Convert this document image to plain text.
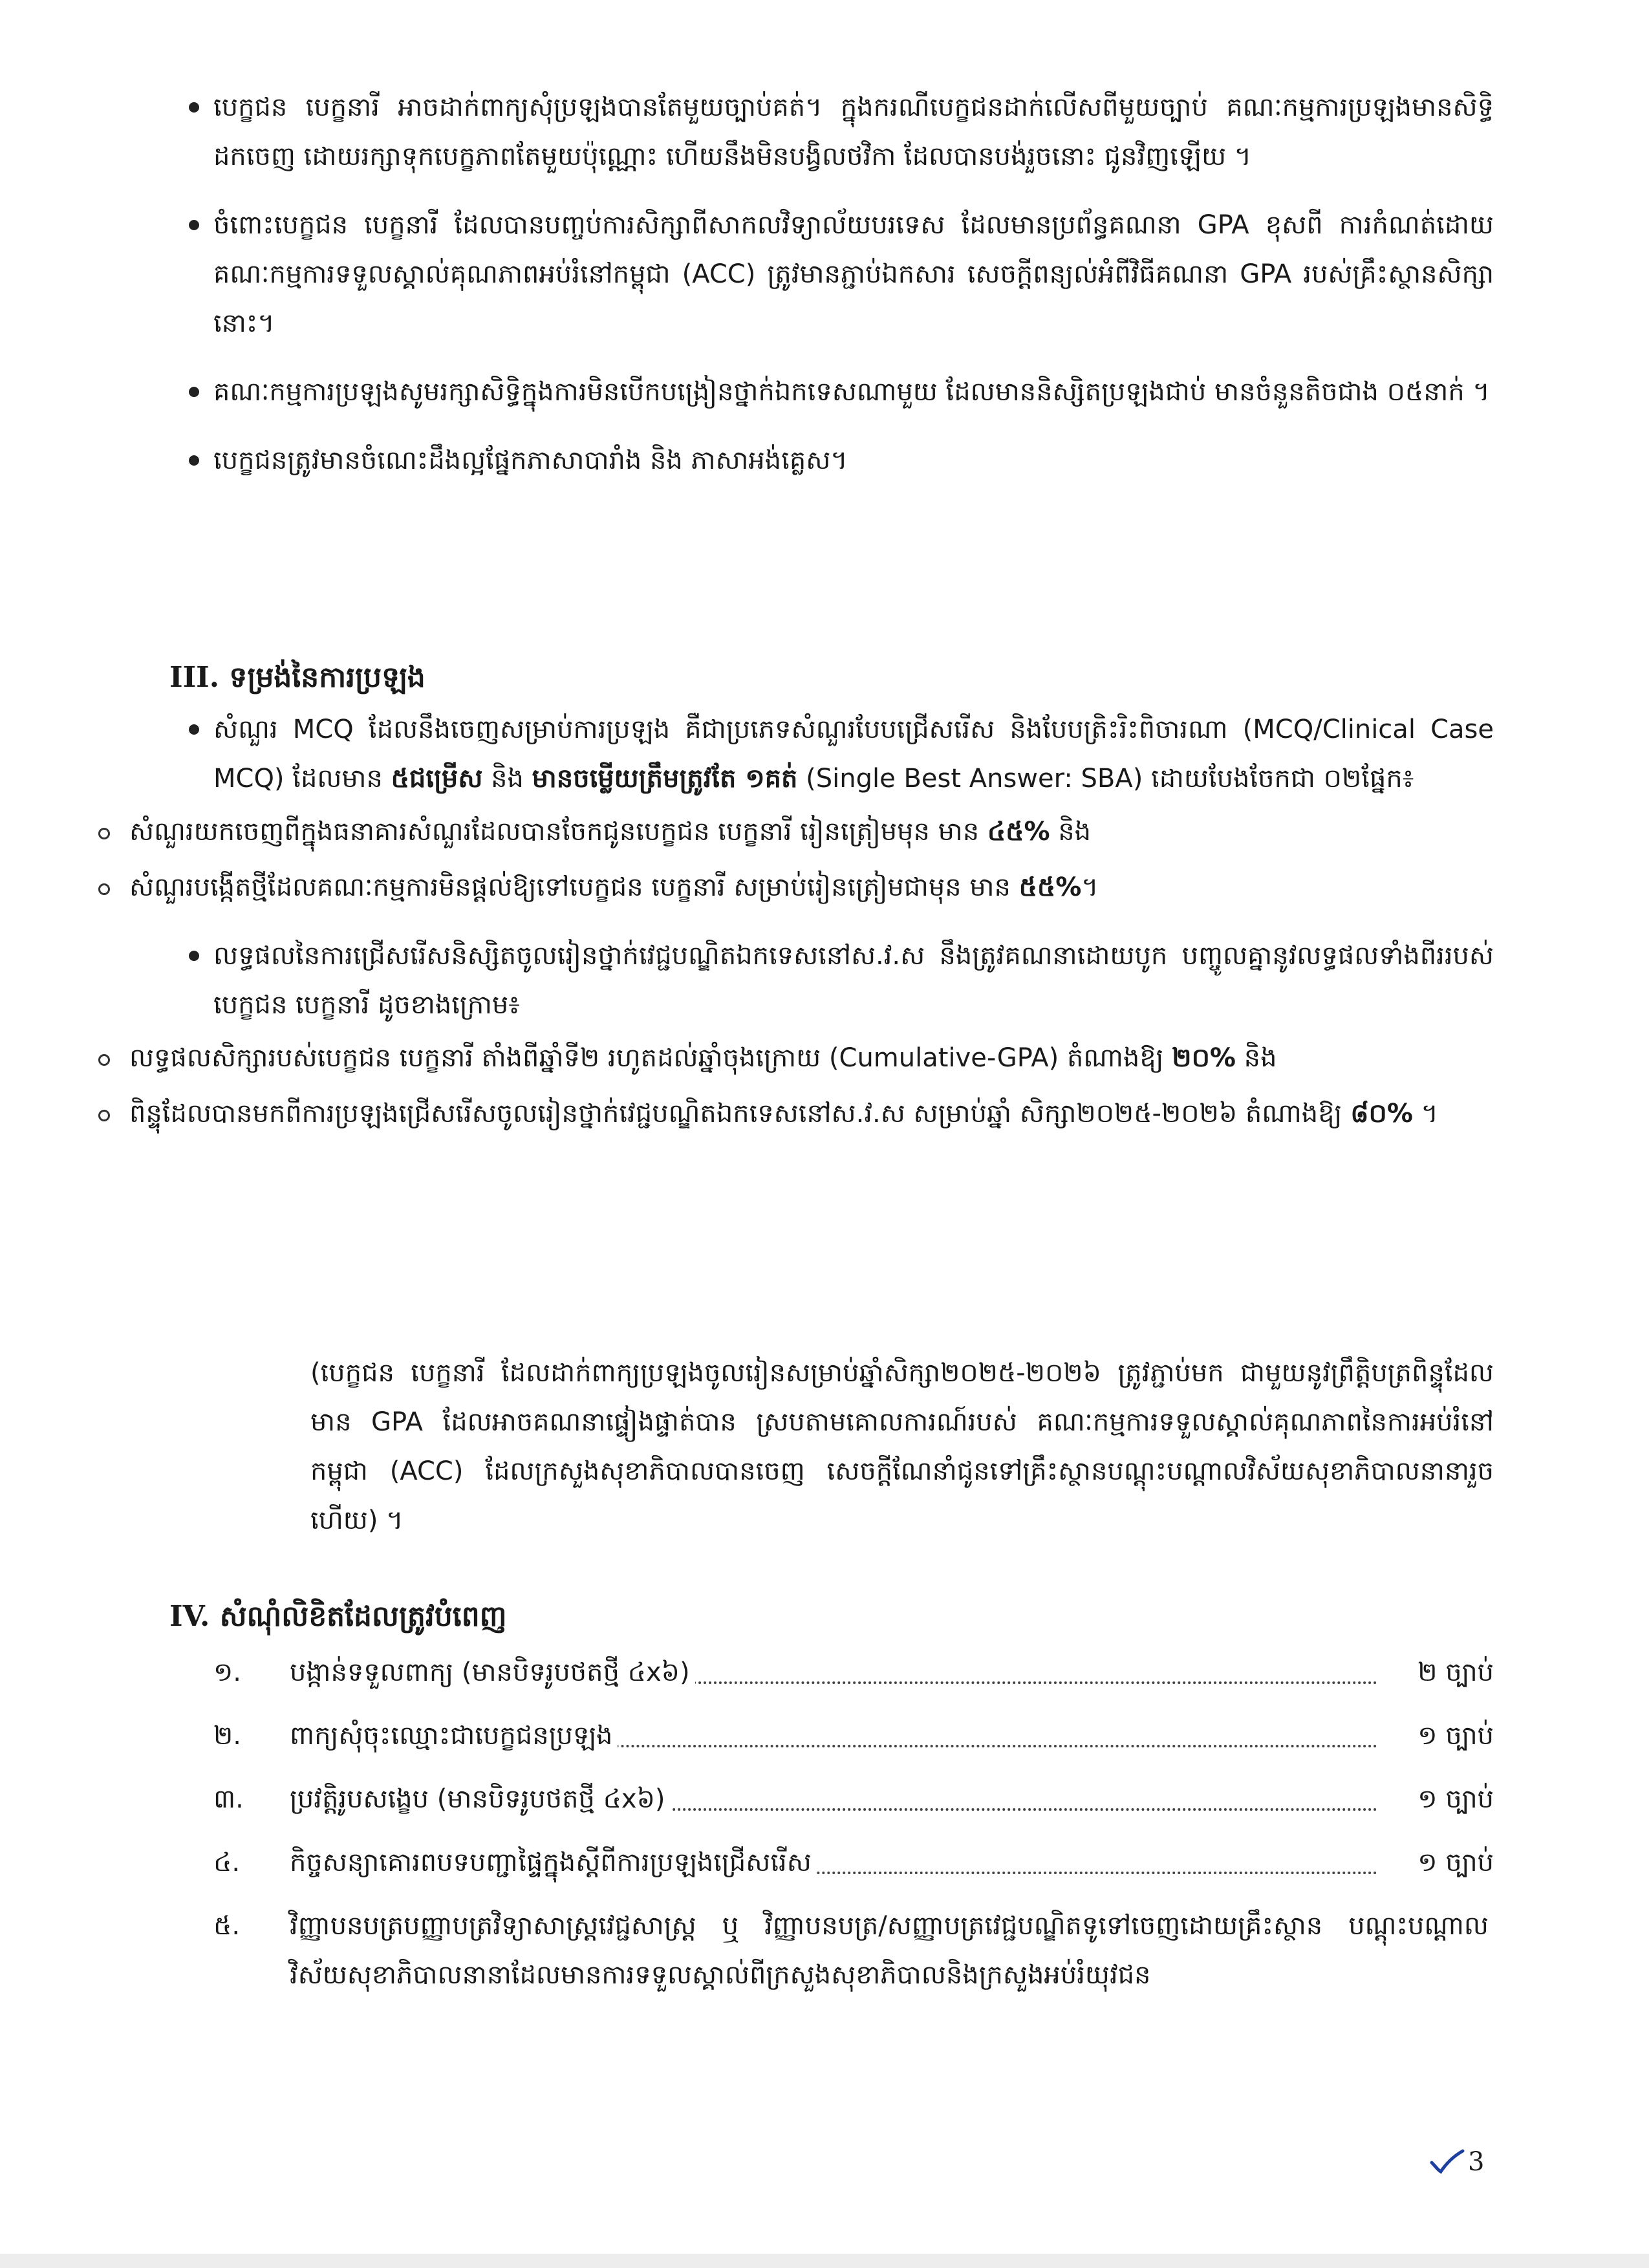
បេក្ខជន បេក្ខនារី អាចដាក់ពាក្យសុំប្រឡងបានតែមួយច្បាប់គត់។ ក្នុងករណីបេក្ខជនដាក់លើសពីមួយច្បាប់ គណៈកម្មការប្រឡងមានសិទ្ធិដកចេញ ដោយរក្សាទុកបេក្ខភាពតែមួយប៉ុណ្ណោះ ហើយនឹងមិនបង្វិលថវិកា ដែលបានបង់រួចនោះ ជូនវិញឡើយ ។
ចំពោះបេក្ខជន បេក្ខនារី ដែលបានបញ្ចប់ការសិក្សាពីសាកលវិទ្យាល័យបរទេស ដែលមានប្រព័ន្ធគណនា GPA ខុសពី ការកំណត់ដោយគណៈកម្មការទទួលស្គាល់គុណភាពអប់រំនៅកម្ពុជា (ACC) ត្រូវមានភ្ជាប់ឯកសារ សេចក្តីពន្យល់អំពីវិធីគណនា GPA របស់គ្រឹះស្ថានសិក្សានោះ។
គណៈកម្មការប្រឡងសូមរក្សាសិទ្ធិក្នុងការមិនបើកបង្រៀនថ្នាក់ឯកទេសណាមួយ ដែលមាននិស្សិតប្រឡងជាប់ មានចំនួនតិចជាង ០៥នាក់ ។
បេក្ខជនត្រូវមានចំណេះដឹងល្អផ្នែកភាសាបារាំង និង ភាសាអង់គ្លេស។
III. ទម្រង់នៃការប្រឡង
សំណួរ MCQ ដែលនឹងចេញសម្រាប់ការប្រឡង គឺជាប្រភេទសំណួរបែបជ្រើសរើស និងបែបត្រិះរិះពិចារណា (MCQ/Clinical Case MCQ) ដែលមាន ៥ជម្រើស និង មានចម្លើយត្រឹមត្រូវតែ ១គត់ (Single Best Answer: SBA) ដោយបែងចែកជា ០២ផ្នែក៖
សំណួរយកចេញពីក្នុងធនាគារសំណួរដែលបានចែកជូនបេក្ខជន បេក្ខនារី រៀនត្រៀមមុន មាន ៤៥% និង
សំណួរបង្កើតថ្មីដែលគណៈកម្មការមិនផ្តល់ឱ្យទៅបេក្ខជន បេក្ខនារី សម្រាប់រៀនត្រៀមជាមុន មាន ៥៥%។
លទ្ធផលនៃការជ្រើសរើសនិស្សិតចូលរៀនថ្នាក់វេជ្ជបណ្ឌិតឯកទេសនៅស.វ.ស នឹងត្រូវគណនាដោយបូក បញ្ចូលគ្នានូវលទ្ធផលទាំងពីររបស់បេក្ខជន បេក្ខនារី ដូចខាងក្រោម៖
លទ្ធផលសិក្សារបស់បេក្ខជន បេក្ខនារី តាំងពីឆ្នាំទី២ រហូតដល់ឆ្នាំចុងក្រោយ (Cumulative-GPA) តំណាងឱ្យ ២០% និង
ពិន្ទុដែលបានមកពីការប្រឡងជ្រើសរើសចូលរៀនថ្នាក់វេជ្ជបណ្ឌិតឯកទេសនៅស.វ.ស សម្រាប់ឆ្នាំ សិក្សា២០២៥-២០២៦ តំណាងឱ្យ ៨០% ។
(បេក្ខជន បេក្ខនារី ដែលដាក់ពាក្យប្រឡងចូលរៀនសម្រាប់ឆ្នាំសិក្សា២០២៥-២០២៦ ត្រូវភ្ជាប់មក ជាមួយនូវព្រឹត្តិបត្រពិន្ទុដែលមាន GPA ដែលអាចគណនាផ្ទៀងផ្ទាត់បាន ស្របតាមគោលការណ៍របស់ គណៈកម្មការទទួលស្គាល់គុណភាពនៃការអប់រំនៅកម្ពុជា (ACC) ដែលក្រសួងសុខាភិបាលបានចេញ សេចក្តីណែនាំជូនទៅគ្រឹះស្ថានបណ្តុះបណ្តាលវិស័យសុខាភិបាលនានារួចហើយ) ។
IV. សំណុំលិខិតដែលត្រូវបំពេញ
១. បង្កាន់ទទួលពាក្យ (មានបិទរូបថតថ្មី ៤x៦)	២ ច្បាប់
២. ពាក្យសុំចុះឈ្មោះជាបេក្ខជនប្រឡង	១ ច្បាប់
៣. ប្រវត្តិរូបសង្ខេប (មានបិទរូបថតថ្មី ៤x៦)	១ ច្បាប់
៤. កិច្ចសន្យាគោរពបទបញ្ជាផ្ទៃក្នុងស្តីពីការប្រឡងជ្រើសរើស	១ ច្បាប់
៥. វិញ្ញាបនបត្របញ្ញាបត្រវិទ្យាសាស្ត្រវេជ្ជសាស្ត្រ ឬ វិញ្ញាបនបត្រ/សញ្ញាបត្រវេជ្ជបណ្ឌិតទូទៅចេញដោយគ្រឹះស្ថាន បណ្តុះបណ្តាលវិស័យសុខាភិបាលនានាដែលមានការទទួលស្គាល់ពីក្រសួងសុខាភិបាលនិងក្រសួងអប់រំយុវជន
3
